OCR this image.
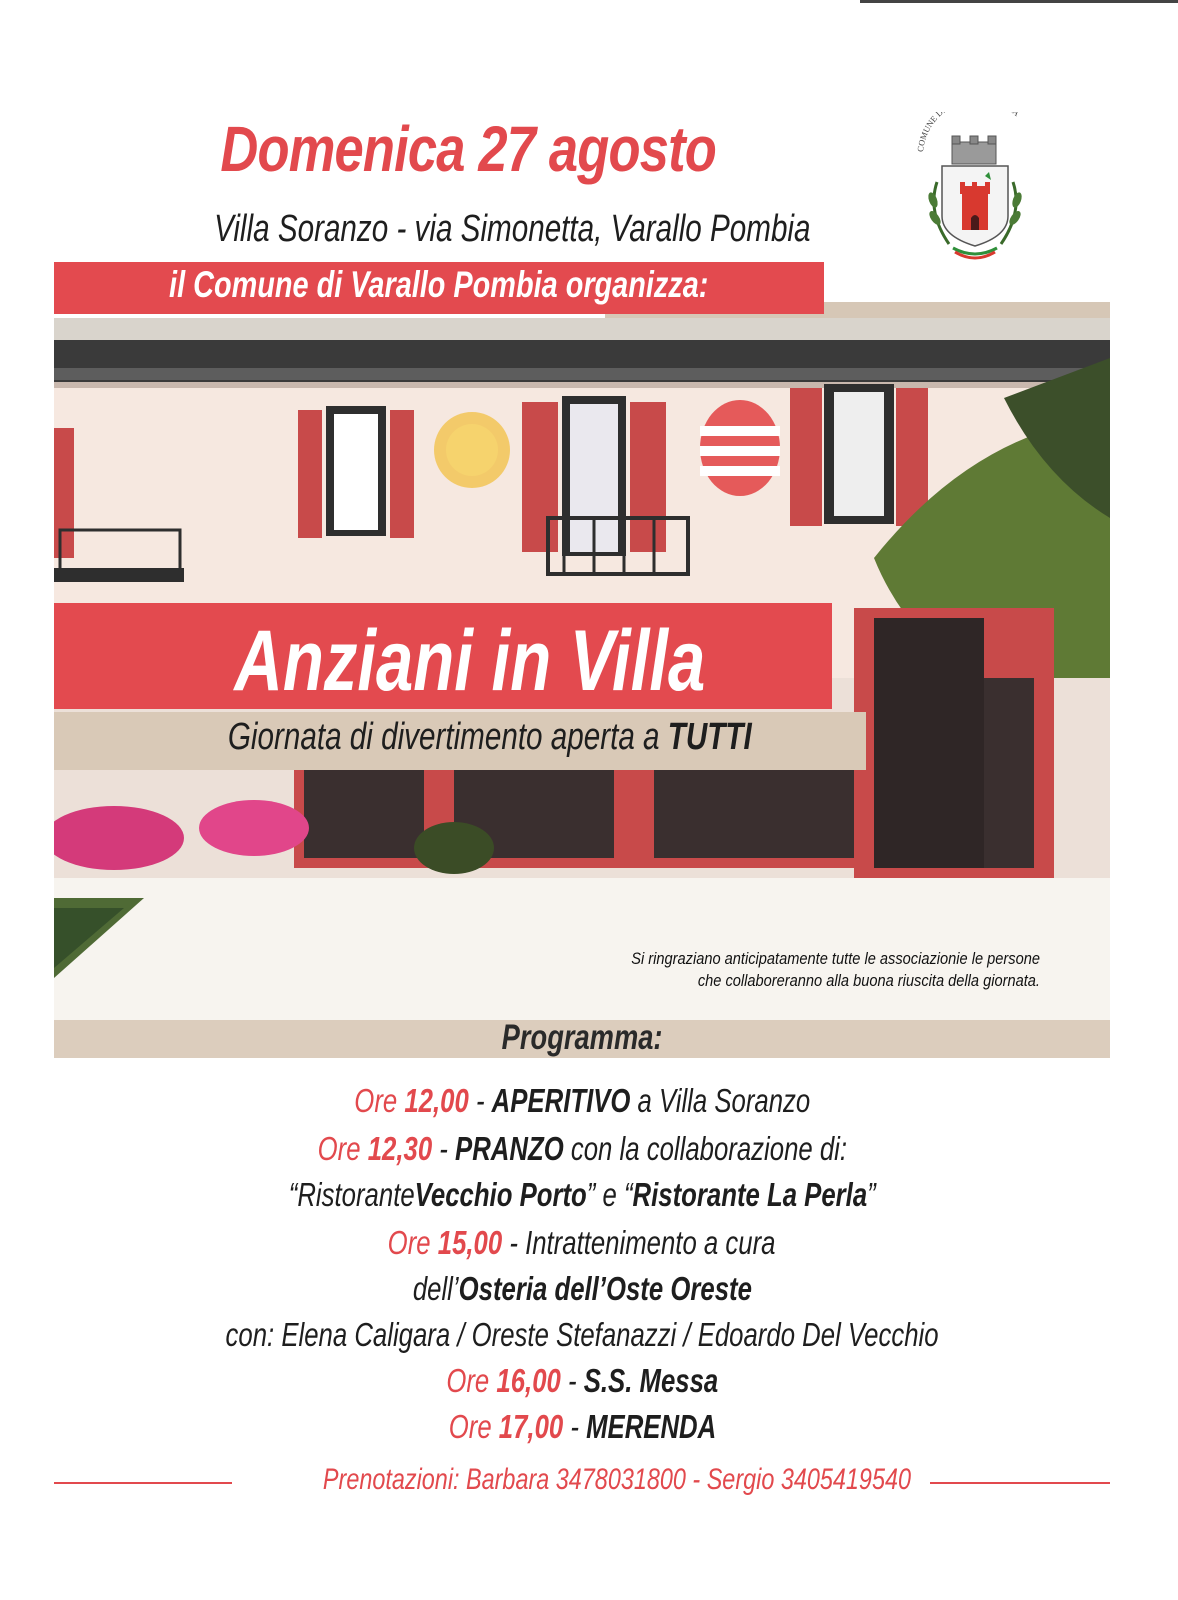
Domenica 27 agosto
Villa Soranzo - via Simonetta, Varallo Pombia
il Comune di Varallo Pombia organizza:
COMUNE D A
Anziani in Villa
Giornata di divertimento aperta a TUTTI
Si ringraziano anticipatamente tutte le associazionie le persone
che collaboreranno alla buona riuscita della giornata.
Programma:
Ore 12,00 - APERITIVO a Villa Soranzo
Ore 12,30 - PRANZO con la collaborazione di:
“RistoranteVecchio Porto” e “Ristorante La Perla”
Ore 15,00 - Intrattenimento a cura
dell’Osteria dell’Oste Oreste
con: Elena Caligara / Oreste Stefanazzi / Edoardo Del Vecchio
Ore 16,00 - S.S. Messa
Ore 17,00 - MERENDA
Prenotazioni: Barbara 3478031800 - Sergio 3405419540
